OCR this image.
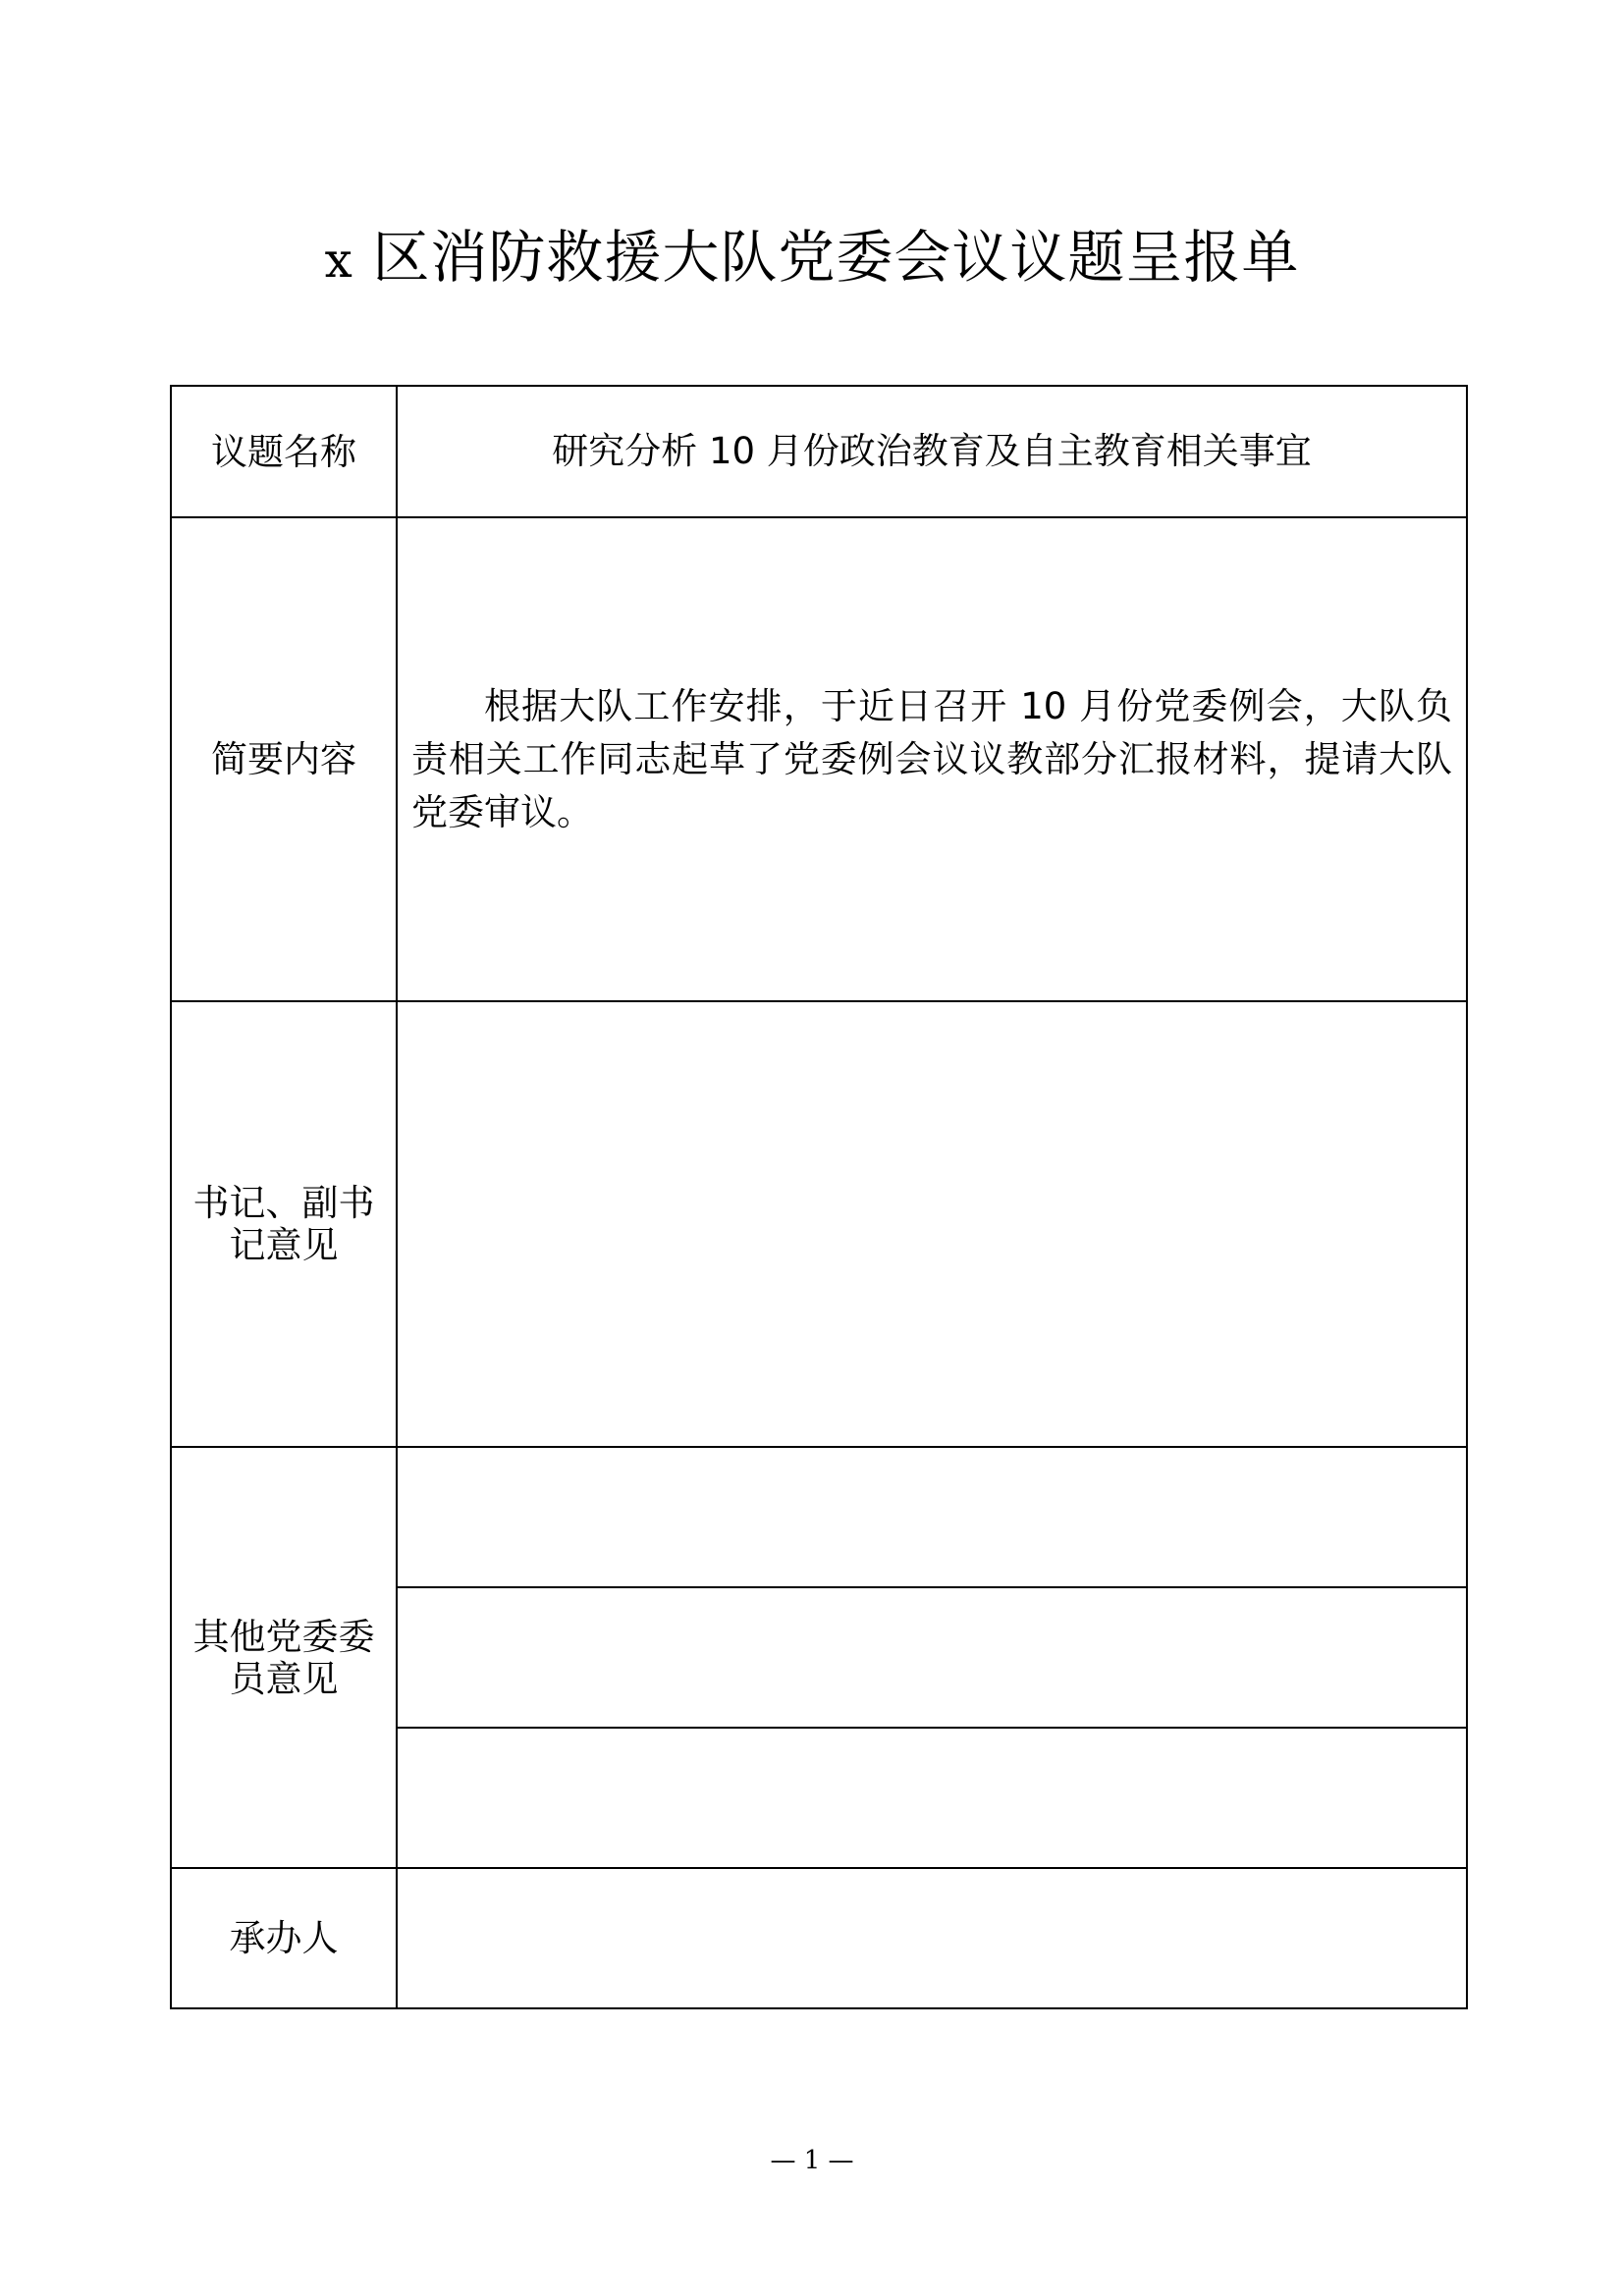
x 区消防救援大队党委会议议题呈报单
议题名称	研究分析 10 月份政治教育及自主教育相关事宜

简要内容	根据大队工作安排，于近日召开 10 月份党委例会，大队负责相关工作同志起草了党委例会议议教部分汇报材料，提请大队党委审议。

书记、副书记意见	

其他党委委员意见	

承办人	
— 1 —
